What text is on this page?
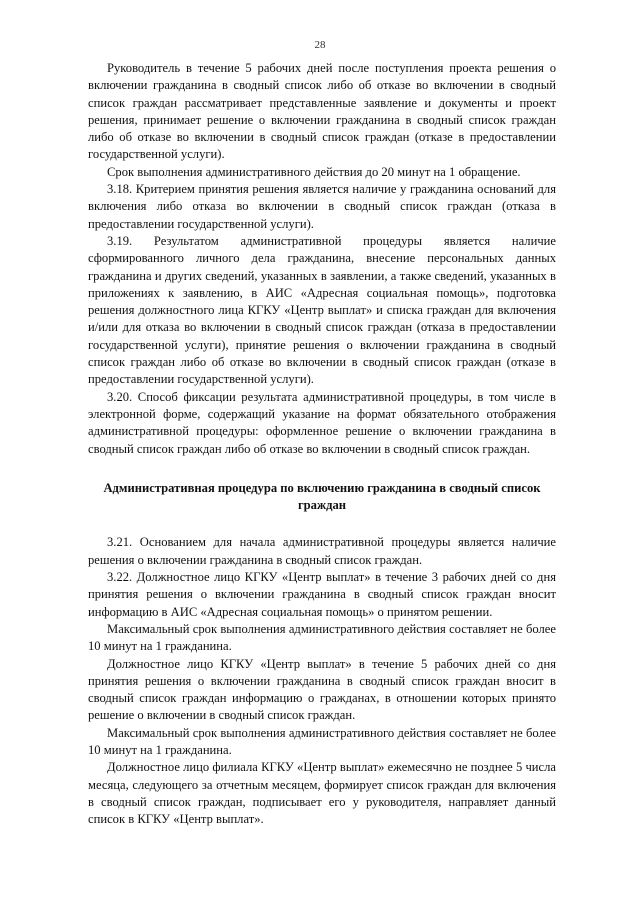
28

Руководитель в течение 5 рабочих дней после поступления проекта решения о включении гражданина в сводный список либо об отказе во включении в сводный список граждан рассматривает представленные заявление и документы и проект решения, принимает решение о включении гражданина в сводный список граждан либо об отказе во включении в сводный список граждан (отказе в предоставлении государственной услуги).

Срок выполнения административного действия до 20 минут на 1 обращение.

3.18. Критерием принятия решения является наличие у гражданина оснований для включения либо отказа во включении в сводный список граждан (отказа в предоставлении государственной услуги).

3.19. Результатом административной процедуры является наличие сформированного личного дела гражданина, внесение персональных данных гражданина и других сведений, указанных в заявлении, а также сведений, указанных в приложениях к заявлению, в АИС «Адресная социальная помощь», подготовка решения должностного лица КГКУ «Центр выплат» и списка граждан для включения и/или для отказа во включении в сводный список граждан (отказа в предоставлении государственной услуги), принятие решения о включении гражданина в сводный список граждан либо об отказе во включении в сводный список граждан (отказе в предоставлении государственной услуги).

3.20. Способ фиксации результата административной процедуры, в том числе в электронной форме, содержащий указание на формат обязательного отображения административной процедуры: оформленное решение о включении гражданина в сводный список граждан либо об отказе во включении в сводный список граждан.

Административная процедура по включению гражданина в сводный список граждан

3.21. Основанием для начала административной процедуры является наличие решения о включении гражданина в сводный список граждан.

3.22. Должностное лицо КГКУ «Центр выплат» в течение 3 рабочих дней со дня принятия решения о включении гражданина в сводный список граждан вносит информацию в АИС «Адресная социальная помощь» о принятом решении.

Максимальный срок выполнения административного действия составляет не более 10 минут на 1 гражданина.

Должностное лицо КГКУ «Центр выплат» в течение 5 рабочих дней со дня принятия решения о включении гражданина в сводный список граждан вносит в сводный список граждан информацию о гражданах, в отношении которых принято решение о включении в сводный список граждан.

Максимальный срок выполнения административного действия составляет не более 10 минут на 1 гражданина.

Должностное лицо филиала КГКУ «Центр выплат» ежемесячно не позднее 5 числа месяца, следующего за отчетным месяцем, формирует список граждан для включения в сводный список граждан, подписывает его у руководителя, направляет данный список в КГКУ «Центр выплат».
